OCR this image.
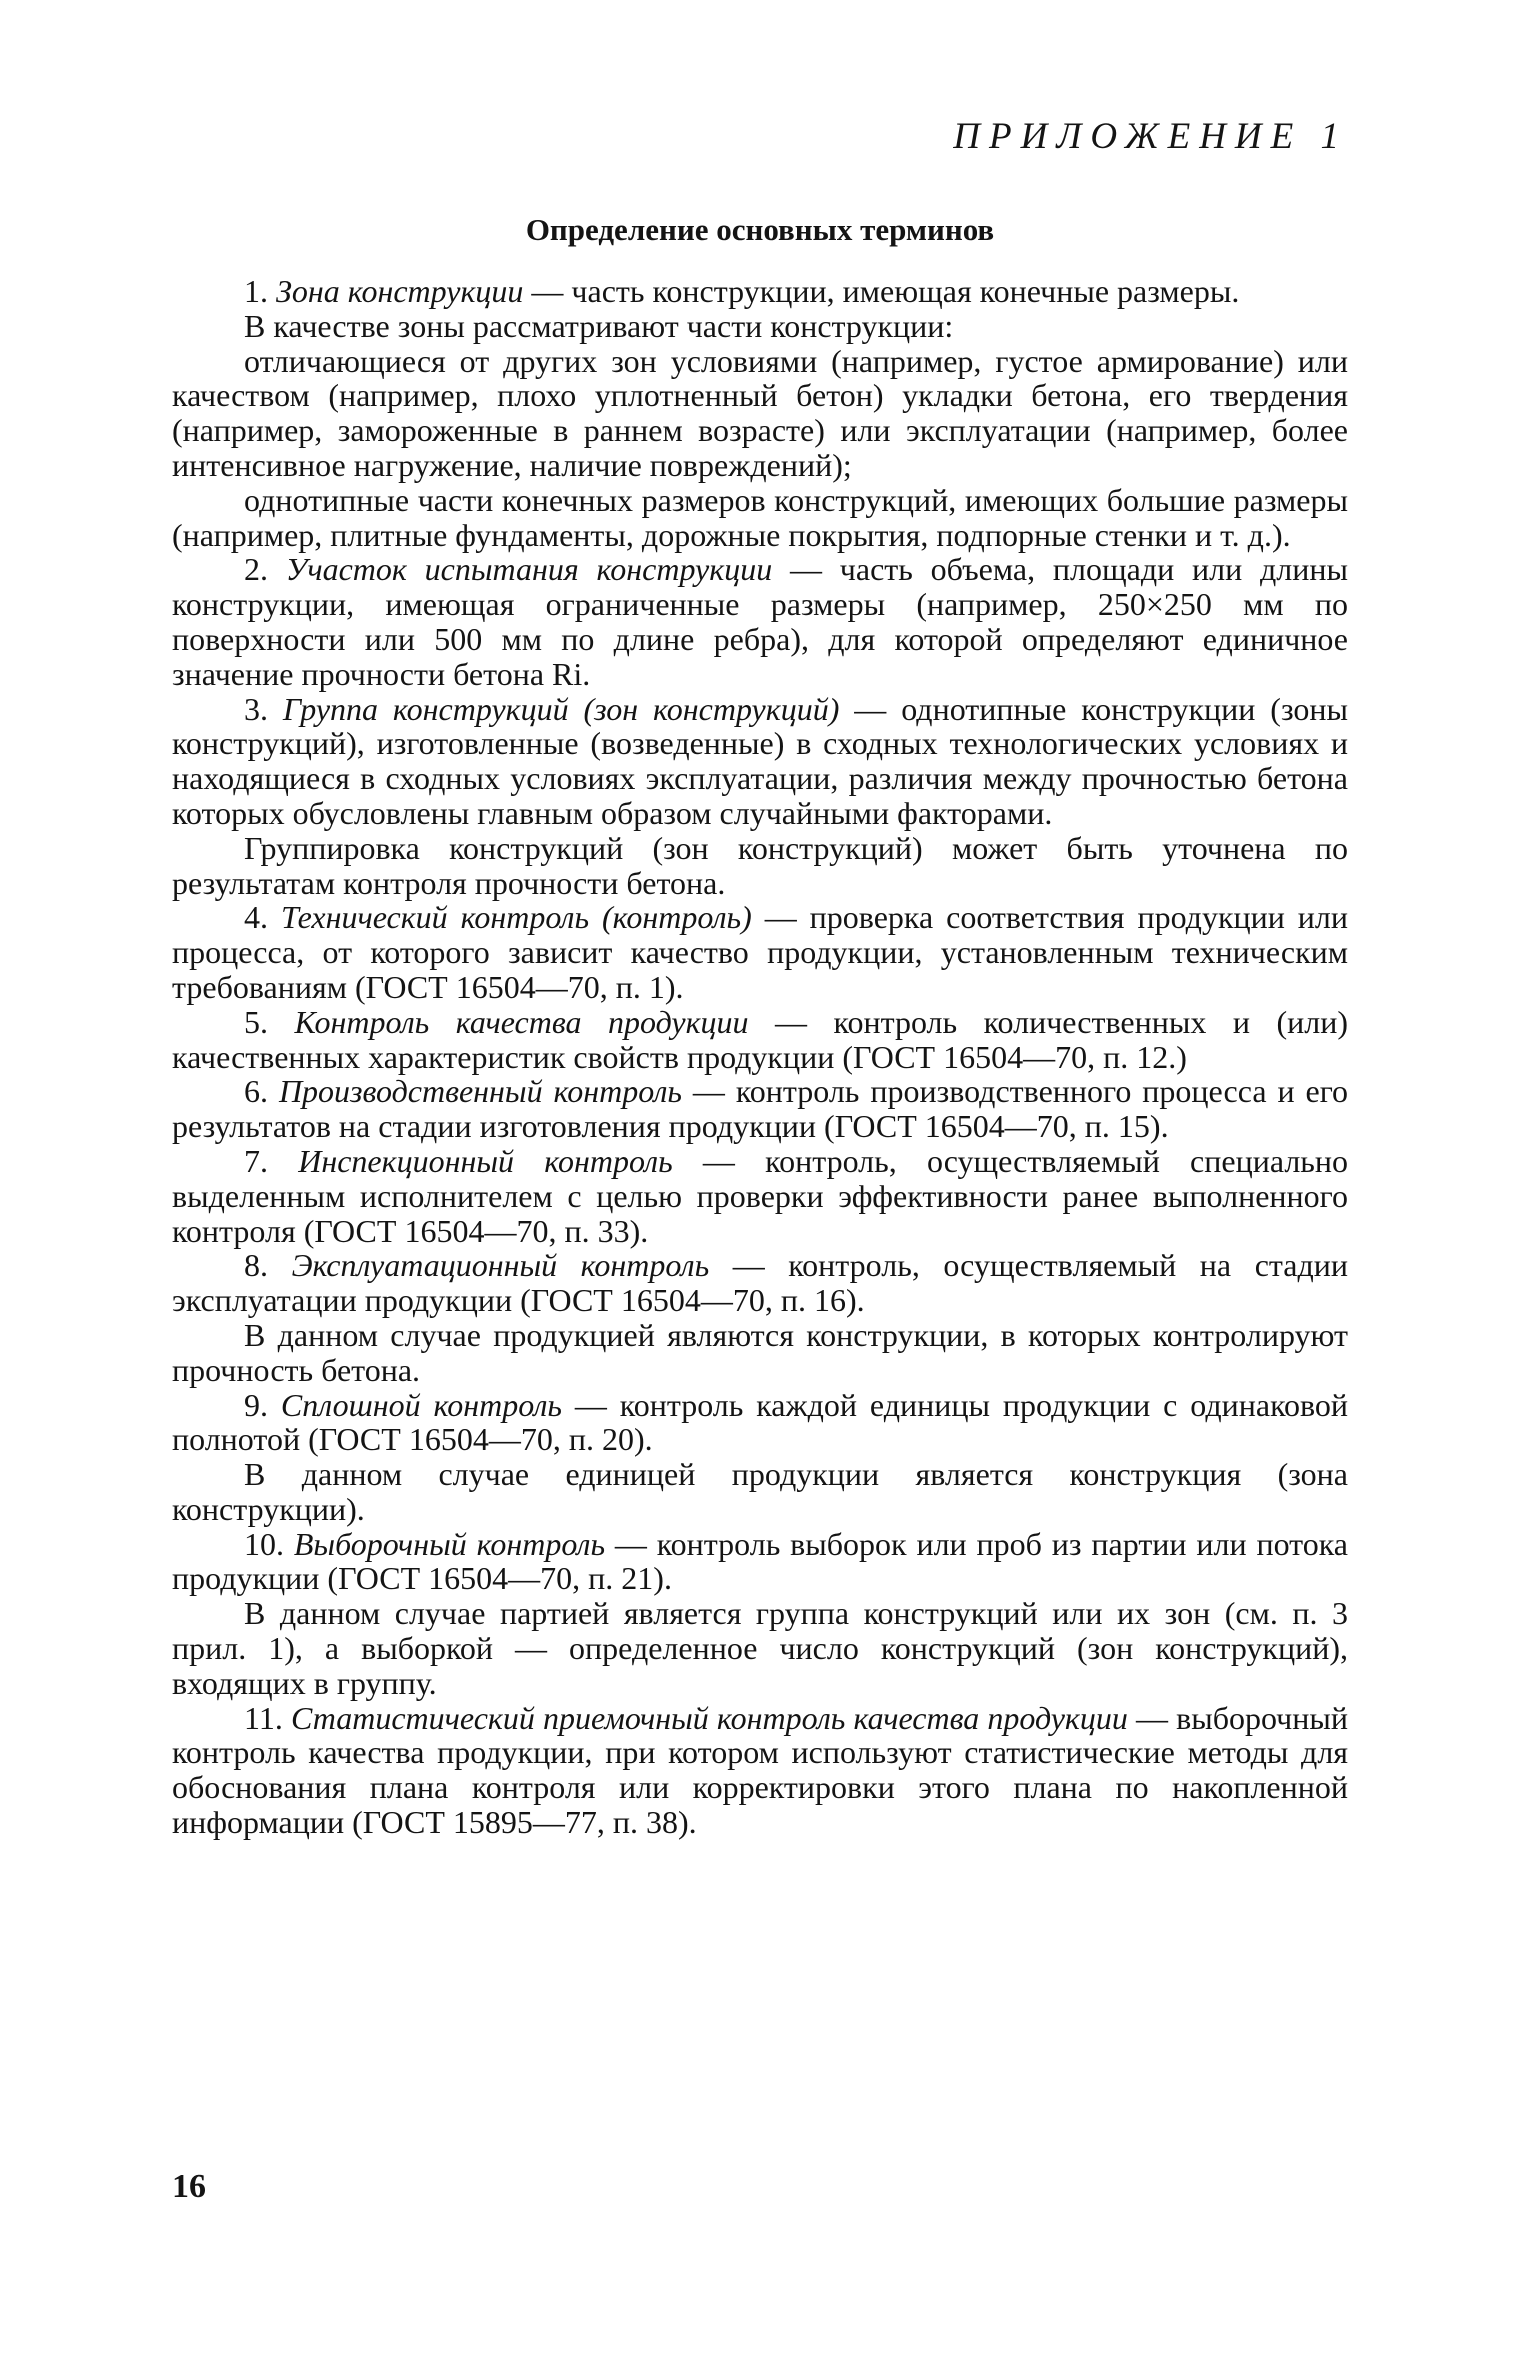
ПРИЛОЖЕНИЕ 1
Определение основных терминов

1. Зона конструкции — часть конструкции, имеющая конечные размеры.

В качестве зоны рассматривают части конструкции:

отличающиеся от других зон условиями (например, густое армирование) или качеством (например, плохо уплотненный бетон) укладки бетона, его твердения (например, замороженные в раннем возрасте) или эксплуатации (например, более интенсивное нагружение, наличие повреждений);

однотипные части конечных размеров конструкций, имеющих большие размеры (например, плитные фундаменты, дорожные покрытия, подпорные стенки и т. д.).

2. Участок испытания конструкции — часть объема, площади или длины конструкции, имеющая ограниченные размеры (например, 250×250 мм по поверхности или 500 мм по длине ребра), для которой определяют единичное значение прочности бетона Ri.

3. Группа конструкций (зон конструкций) — однотипные конструкции (зоны конструкций), изготовленные (возведенные) в сходных технологических условиях и находящиеся в сходных условиях эксплуатации, различия между прочностью бетона которых обусловлены главным образом случайными факторами.

Группировка конструкций (зон конструкций) может быть уточнена по результатам контроля прочности бетона.

4. Технический контроль (контроль) — проверка соответствия продукции или процесса, от которого зависит качество продукции, установленным техническим требованиям (ГОСТ 16504—70, п. 1).

5. Контроль качества продукции — контроль количественных и (или) качественных характеристик свойств продукции (ГОСТ 16504—70, п. 12.)

6. Производственный контроль — контроль производственного процесса и его результатов на стадии изготовления продукции (ГОСТ 16504—70, п. 15).

7. Инспекционный контроль — контроль, осуществляемый специально выделенным исполнителем с целью проверки эффективности ранее выполненного контроля (ГОСТ 16504—70, п. 33).

8. Эксплуатационный контроль — контроль, осуществляемый на стадии эксплуатации продукции (ГОСТ 16504—70, п. 16).

В данном случае продукцией являются конструкции, в которых контролируют прочность бетона.

9. Сплошной контроль — контроль каждой единицы продукции с одинаковой полнотой (ГОСТ 16504—70, п. 20).

В данном случае единицей продукции является конструкция (зона конструкции).

10. Выборочный контроль — контроль выборок или проб из партии или потока продукции (ГОСТ 16504—70, п. 21).

В данном случае партией является группа конструкций или их зон (см. п. 3 прил. 1), а выборкой — определенное число конструкций (зон конструкций), входящих в группу.

11. Статистический приемочный контроль качества продукции — выборочный контроль качества продукции, при котором используют статистические методы для обоснования плана контроля или корректировки этого плана по накопленной информации (ГОСТ 15895—77, п. 38).

16
